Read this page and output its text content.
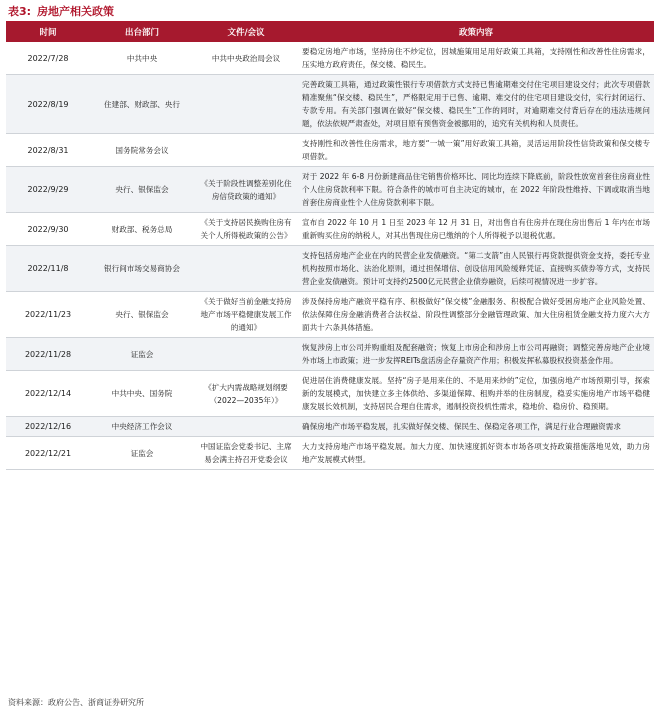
表3: 房地产相关政策
时间	出台部门	文件/会议	政策内容
2022/7/28	中共中央	中共中央政治局会议	要稳定房地产市场，坚持房住不炒定位，因城施策用足用好政策工具箱，支持刚性和改善性住房需求，压实地方政府责任，保交楼、稳民生。
2022/8/19	住建部、财政部、央行		完善政策工具箱，通过政策性银行专项借款方式支持已售逾期难交付住宅项目建设交付；此次专项借款精准聚焦“保交楼、稳民生”，严格限定用于已售、逾期、难交付的住宅项目建设交付，实行封闭运行、专款专用。有关部门强调在做好“保交楼、稳民生”工作的同时，对逾期难交付背后存在的违法违规问题，依法依规严肃查处，对项目原有预售资金被挪用的，追究有关机构和人员责任。
2022/8/31	国务院常务会议		支持刚性和改善性住房需求，地方要“一城一策”用好政策工具箱，灵活运用阶段性信贷政策和保交楼专项借款。
2022/9/29	央行、银保监会	《关于阶段性调整差别化住房信贷政策的通知》	对于 2022 年 6-8 月份新建商品住宅销售价格环比、同比均连续下降底前，阶段性放宽首套住房商业性个人住房贷款利率下限。符合条件的城市可自主决定的城市，在 2022 年阶段性维持、下调或取消当地首套住房商业性个人住房贷款利率下限。
2022/9/30	财政部、税务总局	《关于支持居民换购住房有关个人所得税政策的公告》	宣布自 2022 年 10 月 1 日至 2023 年 12 月 31 日，对出售自有住房并在现住房出售后 1 年内在市场重新购买住房的纳税人，对其出售现住房已缴纳的个人所得税予以退税优惠。
2022/11/8	银行间市场交易商协会		支持包括房地产企业在内的民营企业发债融资。“第二支箭”由人民银行再贷款提供资金支持，委托专业机构按照市场化、法治化原则，通过担保增信、创设信用风险缓释凭证、直接购买债券等方式，支持民营企业发债融资。预计可支持约2500亿元民营企业债券融资，后续可视情况进一步扩容。
2022/11/23	央行、银保监会	《关于做好当前金融支持房地产市场平稳健康发展工作的通知》	涉及保持房地产融资平稳有序、积极做好“保交楼”金融服务、积极配合做好受困房地产企业风险处置、依法保障住房金融消费者合法权益、阶段性调整部分金融管理政策、加大住房租赁金融支持力度六大方面共十六条具体措施。
2022/11/28	证监会		恢复涉房上市公司并购重组及配套融资；恢复上市房企和涉房上市公司再融资；调整完善房地产企业境外市场上市政策；进一步发挥REITs盘活房企存量资产作用；积极发挥私募股权投资基金作用。
2022/12/14	中共中央、国务院	《扩大内需战略规划纲要（2022—2035年）》	促进居住消费健康发展。坚持“房子是用来住的、不是用来炒的”定位，加强房地产市场预期引导，探索新的发展模式，加快建立多主体供给、多渠道保障、租购并举的住房制度，稳妥实施房地产市场平稳健康发展长效机制，支持居民合理自住需求，遏制投资投机性需求，稳地价、稳房价、稳预期。
2022/12/16	中央经济工作会议		确保房地产市场平稳发展，扎实做好保交楼、保民生、保稳定各项工作，满足行业合理融资需求
2022/12/21	证监会	中国证监会党委书记、主席易会满主持召开党委会议	大力支持房地产市场平稳发展。加大力度、加快速度抓好资本市场各项支持政策措施落地见效，助力房地产发展模式转型。
资料来源：政府公告、浙商证券研究所
